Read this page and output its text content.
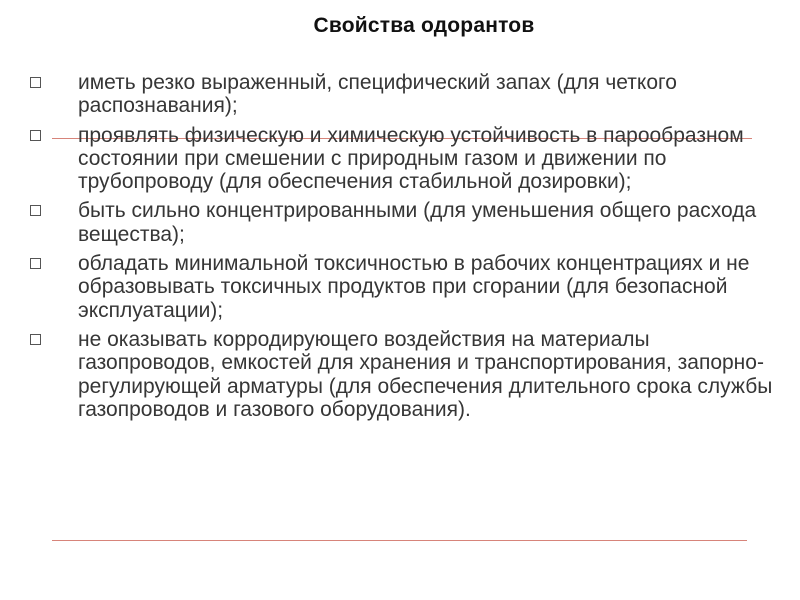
Свойства одорантов
иметь резко выраженный, специфический запах (для четкого распознавания);
проявлять физическую и химическую устойчивость в парообразном состоянии при смешении с природным газом и движении по трубопроводу (для обеспечения стабильной дозировки);
быть сильно концентрированными (для уменьшения общего расхода вещества);
обладать минимальной токсичностью в рабочих концентрациях и не образовывать токсичных продуктов при сгорании (для безопасной эксплуатации);
не оказывать корродирующего воздействия на материалы газопроводов, емкостей для хранения и транспортирования, запорно-регулирующей арматуры (для обеспечения длительного срока службы газопроводов и газового оборудования).
